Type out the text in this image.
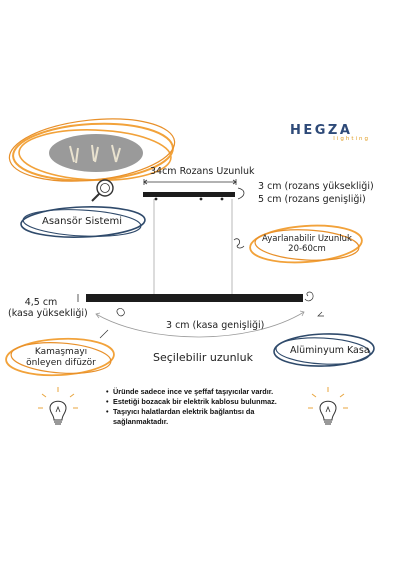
HEGZA
lighting
34cm Rozans Uzunluk
3 cm (rozans yüksekliği)
5 cm (rozans genişliği)
Asansör Sistemi
Ayarlanabilir Uzunluk
20-60cm
4,5 cm
(kasa yüksekliği)
3 cm (kasa genişliği)
Kamaşmayı
önleyen difüzör	Seçilebilir uzunluk
Alüminyum Kasa
• Üründe sadece ince ve şeffaf taşıyıcılar vardır.
• Estetiği bozacak bir elektrik kablosu bulunmaz.
• Taşıyıcı halatlardan elektrik bağlantısı da
sağlanmaktadır.
